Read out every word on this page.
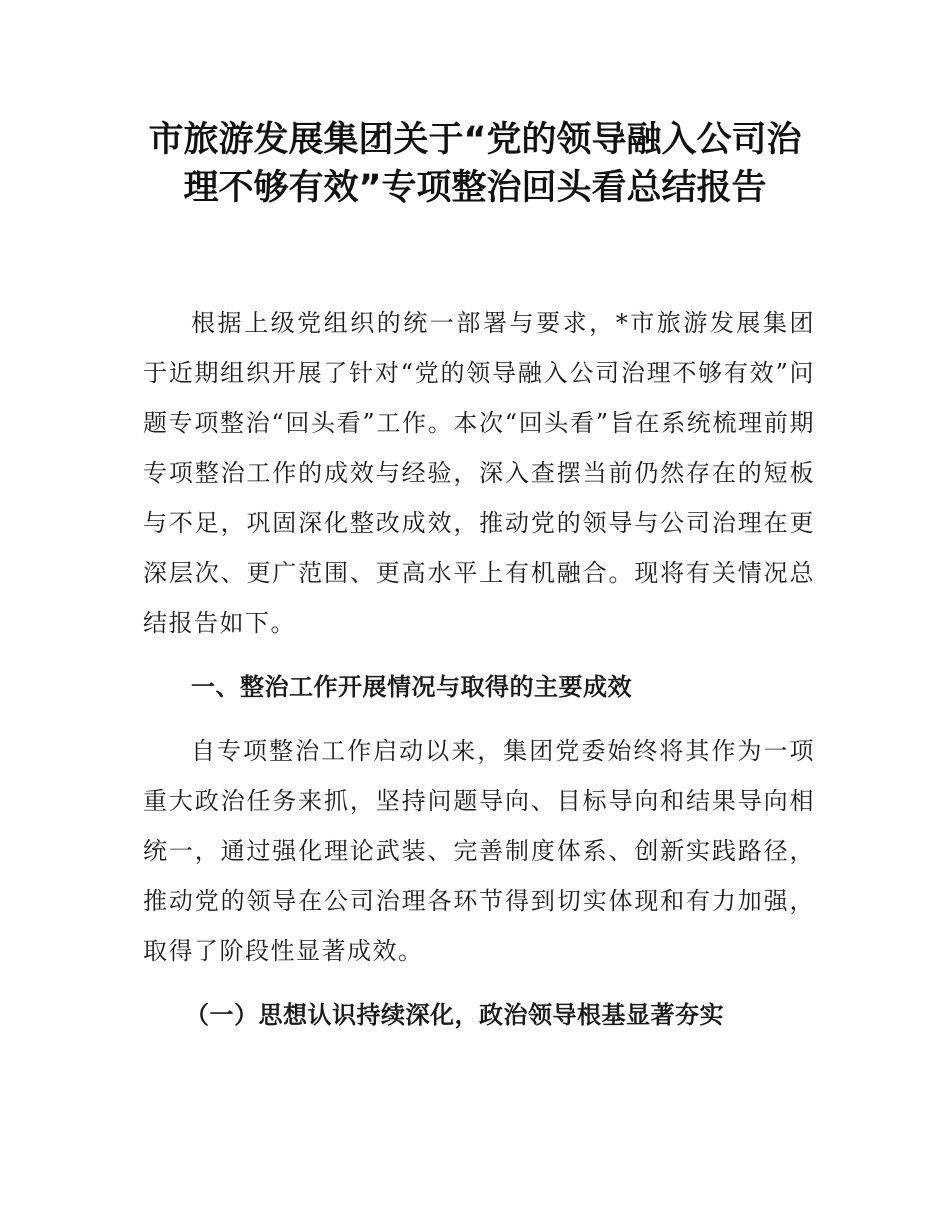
市旅游发展集团关于“党的领导融入公司治
理不够有效”专项整治回头看总结报告
根据上级党组织的统一部署与要求，*市旅游发展集团于近期组织开展了针对“党的领导融入公司治理不够有效”问题专项整治“回头看”工作。本次“回头看”旨在系统梳理前期专项整治工作的成效与经验，深入查摆当前仍然存在的短板与不足，巩固深化整改成效，推动党的领导与公司治理在更深层次、更广范围、更高水平上有机融合。现将有关情况总结报告如下。
一、整治工作开展情况与取得的主要成效
自专项整治工作启动以来，集团党委始终将其作为一项重大政治任务来抓，坚持问题导向、目标导向和结果导向相统一，通过强化理论武装、完善制度体系、创新实践路径，推动党的领导在公司治理各环节得到切实体现和有力加强，取得了阶段性显著成效。
（一）思想认识持续深化，政治领导根基显著夯实
